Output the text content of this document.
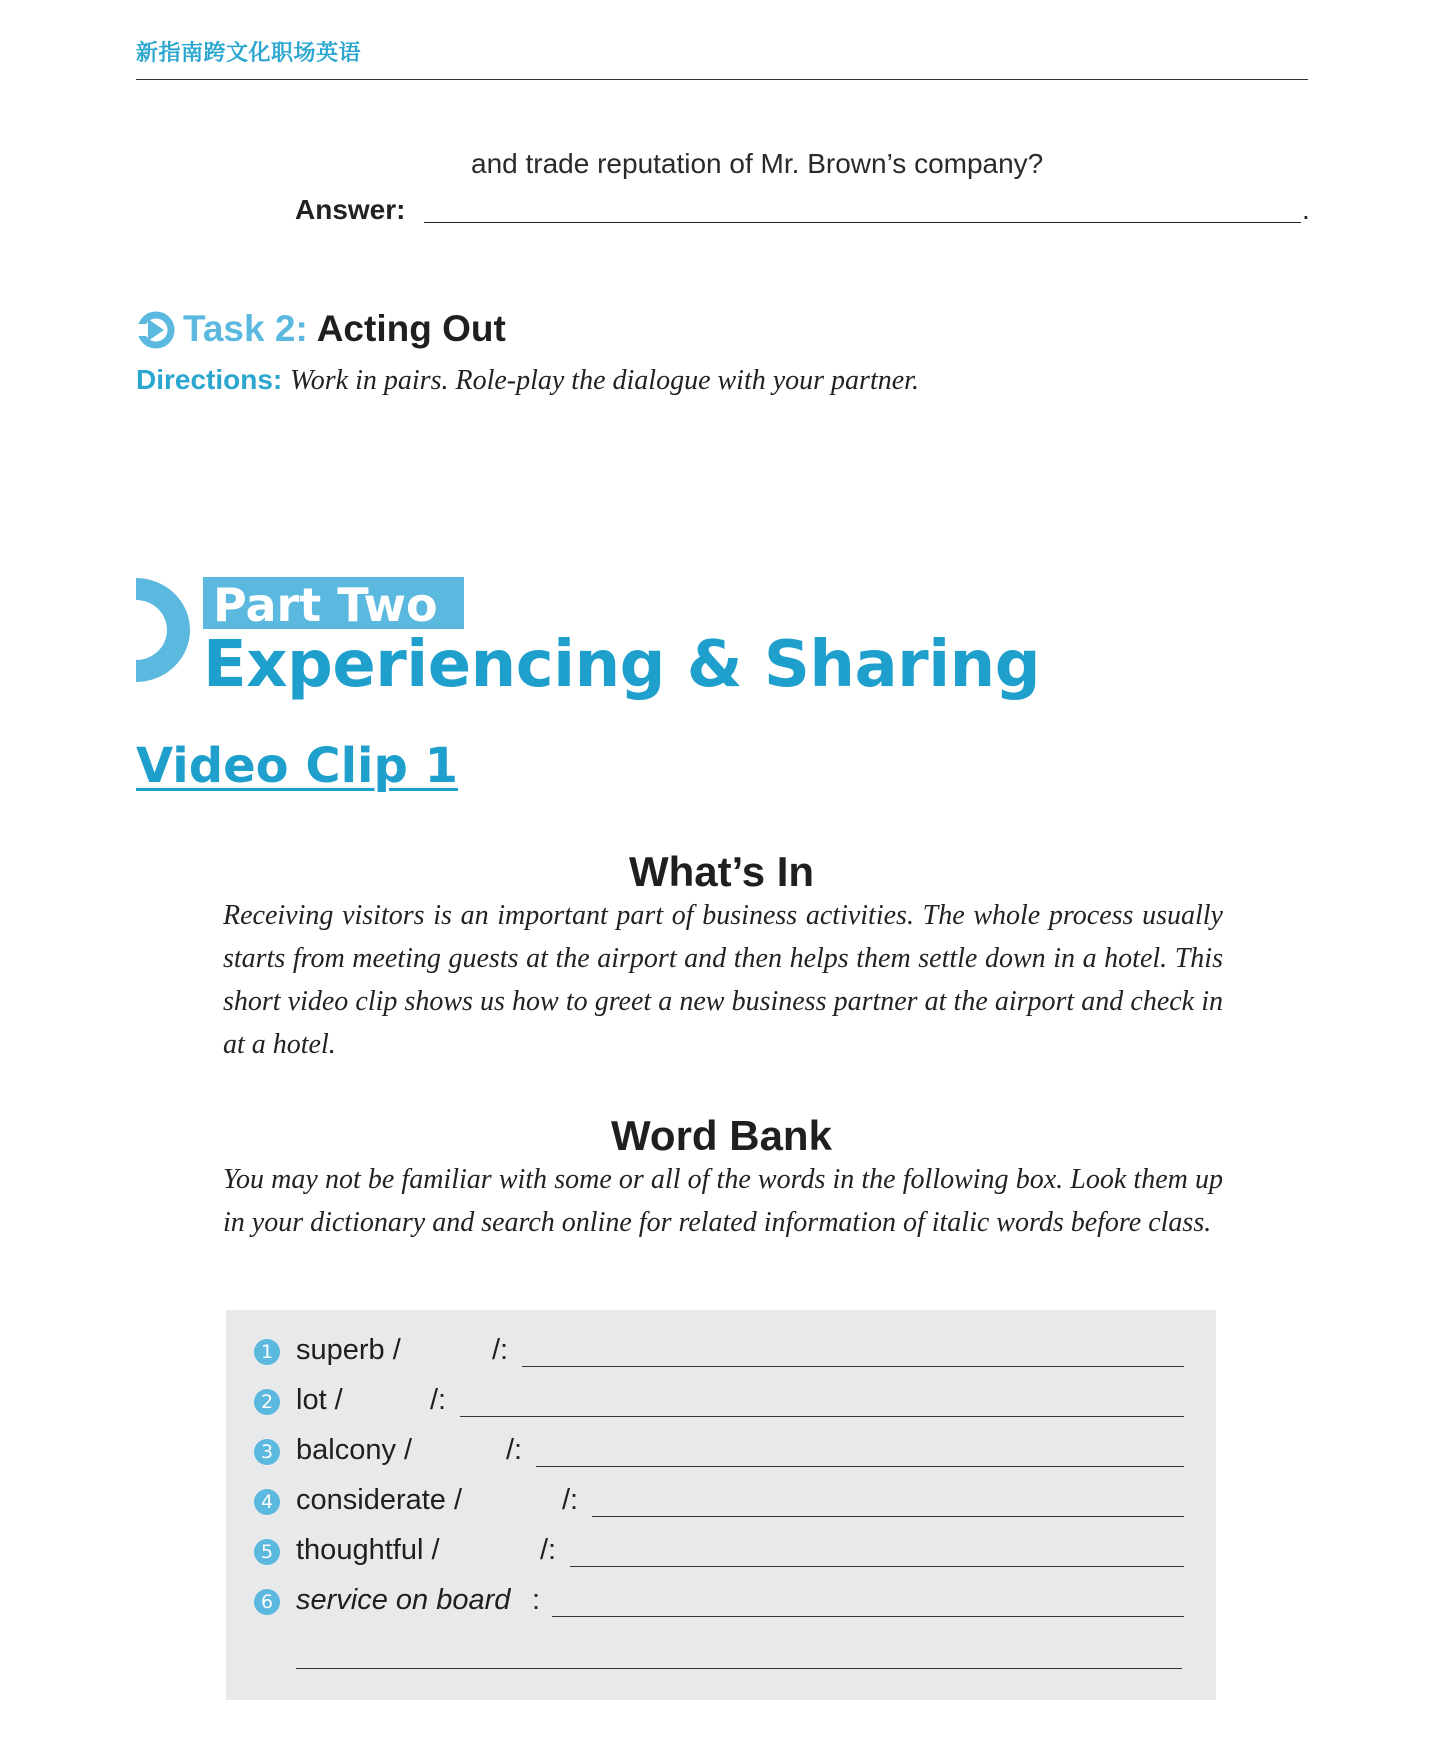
新指南跨文化职场英语
and trade reputation of Mr. Brown’s company?
Answer:	.
Task 2: Acting Out
Directions: Work in pairs. Role-play the dialogue with your partner.
Part Two
Experiencing & Sharing
Video Clip 1
What’s In
Receiving visitors is an important part of business activities. The whole process usually starts from meeting guests at the airport and then helps them settle down in a hotel. This short video clip shows us how to greet a new business partner at the airport and check in at a hotel.
Word Bank
You may not be familiar with some or all of the words in the following box. Look them up in your dictionary and search online for related information of italic words before class.
1 superb /	/:
2 lot /	/:
3 balcony /	/:
4 considerate /	/:
5 thoughtful /	/:
6 service on board :
